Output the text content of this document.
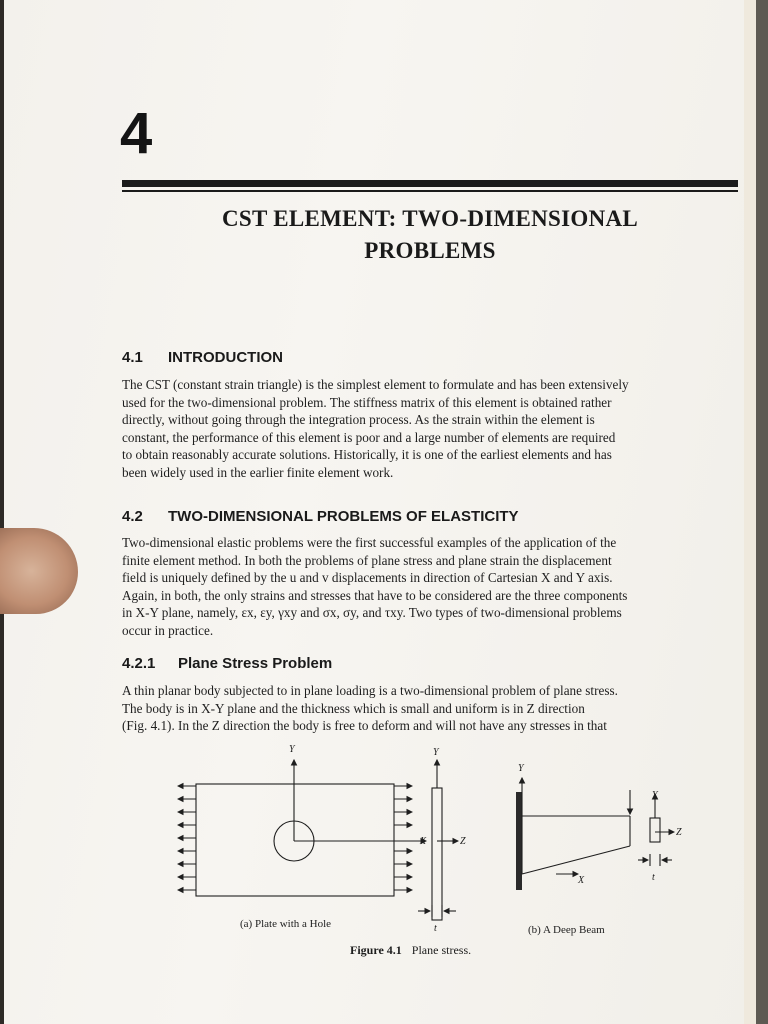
4
CST ELEMENT: TWO-DIMENSIONAL
PROBLEMS
4.1 INTRODUCTION

The CST (constant strain triangle) is the simplest element to formulate and has been extensively

used for the two-dimensional problem. The stiffness matrix of this element is obtained rather

directly, without going through the integration process. As the strain within the element is

constant, the performance of this element is poor and a large number of elements are required

to obtain reasonably accurate solutions. Historically, it is one of the earliest elements and has

been widely used in the earlier finite element work.

4.2 TWO-DIMENSIONAL PROBLEMS OF ELASTICITY

Two-dimensional elastic problems were the first successful examples of the application of the

finite element method. In both the problems of plane stress and plane strain the displacement

field is uniquely defined by the u and v displacements in direction of Cartesian X and Y axis.

Again, in both, the only strains and stresses that have to be considered are the three components

in X-Y plane, namely, εx, εy, γxy and σx, σy, and τxy. Two types of two-dimensional problems

occur in practice.

4.2.1 Plane Stress Problem

A thin planar body subjected to in plane loading is a two-dimensional problem of plane stress.

The body is in X-Y plane and the thickness which is small and uniform is in Z direction

(Fig. 4.1). In the Z direction the body is free to deform and will not have any stresses in that

Y	Y
Z
X
t
Y
X
Y
Z
t
(a) Plate with a Hole	(b) A Deep Beam
Figure 4.1 Plane stress.
